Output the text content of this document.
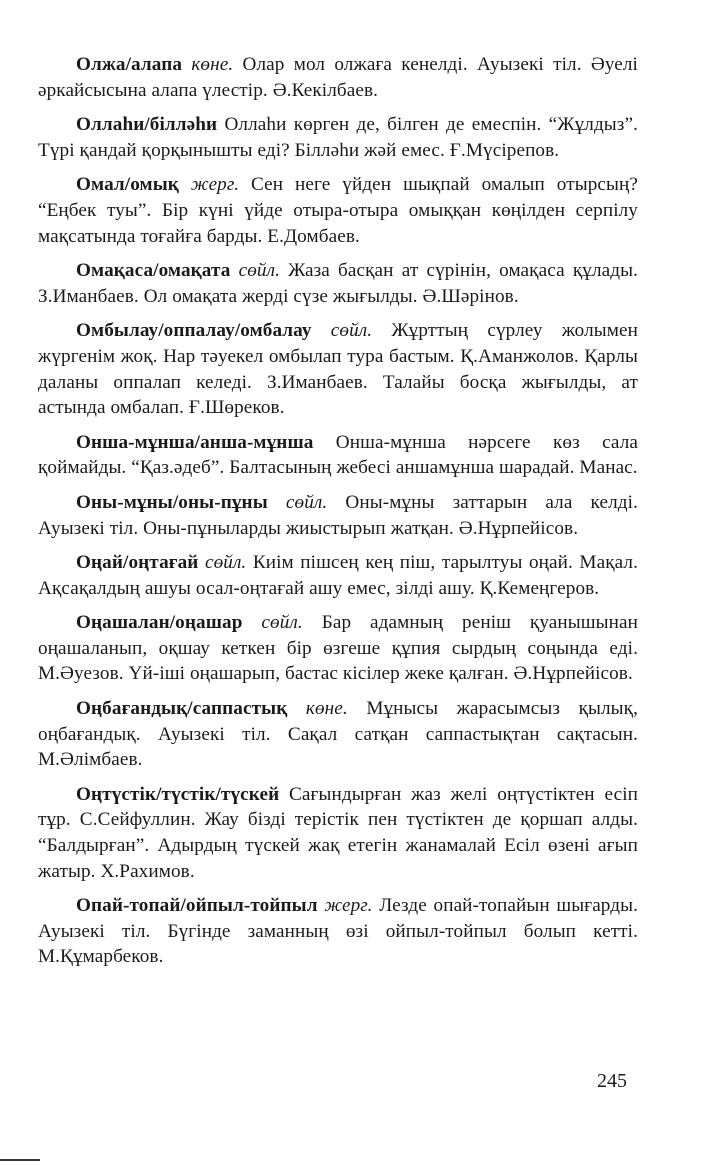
Олжа/алапа көне. Олар мол олжаға кенелді. Ауызекі тіл. Әуелі әркайсысына алапа үлестір. Ә.Кекілбаев.

Оллаhи/білләhи Оллаhи көрген де, білген де емеспін. “Жұлдыз”. Түрі қандай қорқынышты еді? Білләhи жәй емес. Ғ.Мүсірепов.

Омал/омық жерг. Сен неге үйден шықпай омалып отырсың? “Еңбек туы”. Бір күні үйде отыра-отыра омыққан көңілден серпілу мақсатында тоғайға барды. Е.Домбаев.

Омақаса/омақата сөйл. Жаза басқан ат сүрінін, омақаса құлады. З.Иманбаев. Ол омақата жерді сүзе жығылды. Ә.Шәрінов.

Омбылау/оппалау/омбалау сөйл. Жұрттың сүрлеу жолымен жүргенім жоқ. Нар тәуекел омбылап тура бастым. Қ.Аманжолов. Қарлы даланы оппалап келеді. З.Иманбаев. Талайы босқа жығылды, ат астында омбалап. Ғ.Шөреков.

Онша-мұнша/анша-мұнша Онша-мұнша нәрсеге көз сала қоймайды. “Қаз.әдеб”. Балтасының жебесі аншамұнша шарадай. Манас.

Оны-мұны/оны-пұны сөйл. Оны-мұны заттарын ала келді. Ауызекі тіл. Оны-пұныларды жиыстырып жатқан. Ә.Нұрпейісов.

Оңай/оңтағай сөйл. Киім пішсең кең піш, тарылтуы оңай. Мақал. Ақсақалдың ашуы осал-оңтағай ашу емес, зілді ашу. Қ.Кемеңгеров.

Оңашалан/оңашар сөйл. Бар адамның реніш қуанышынан оңашаланып, оқшау кеткен бір өзгеше құпия сырдың соңында еді. М.Әуезов. Үй-іші оңашарып, бастас кісілер жеке қалған. Ә.Нұрпейісов.

Оңбағандық/саппастық көне. Мұнысы жарасымсыз қылық, оңбағандық. Ауызекі тіл. Сақал сатқан саппастықтан сақтасын. М.Әлімбаев.

Оңтүстік/түстік/түскей Сағындырған жаз желі оңтүстіктен есіп тұр. С.Сейфуллин. Жау бізді терістік пен түстіктен де қоршап алды. “Балдырған”. Адырдың түскей жақ етегін жанамалай Есіл өзені ағып жатыр. Х.Рахимов.

Опай-топай/ойпыл-тойпыл жерг. Лезде опай-топайын шығарды. Ауызекі тіл. Бүгінде заманның өзі ойпыл-тойпыл болып кетті. М.Құмарбеков.

245
